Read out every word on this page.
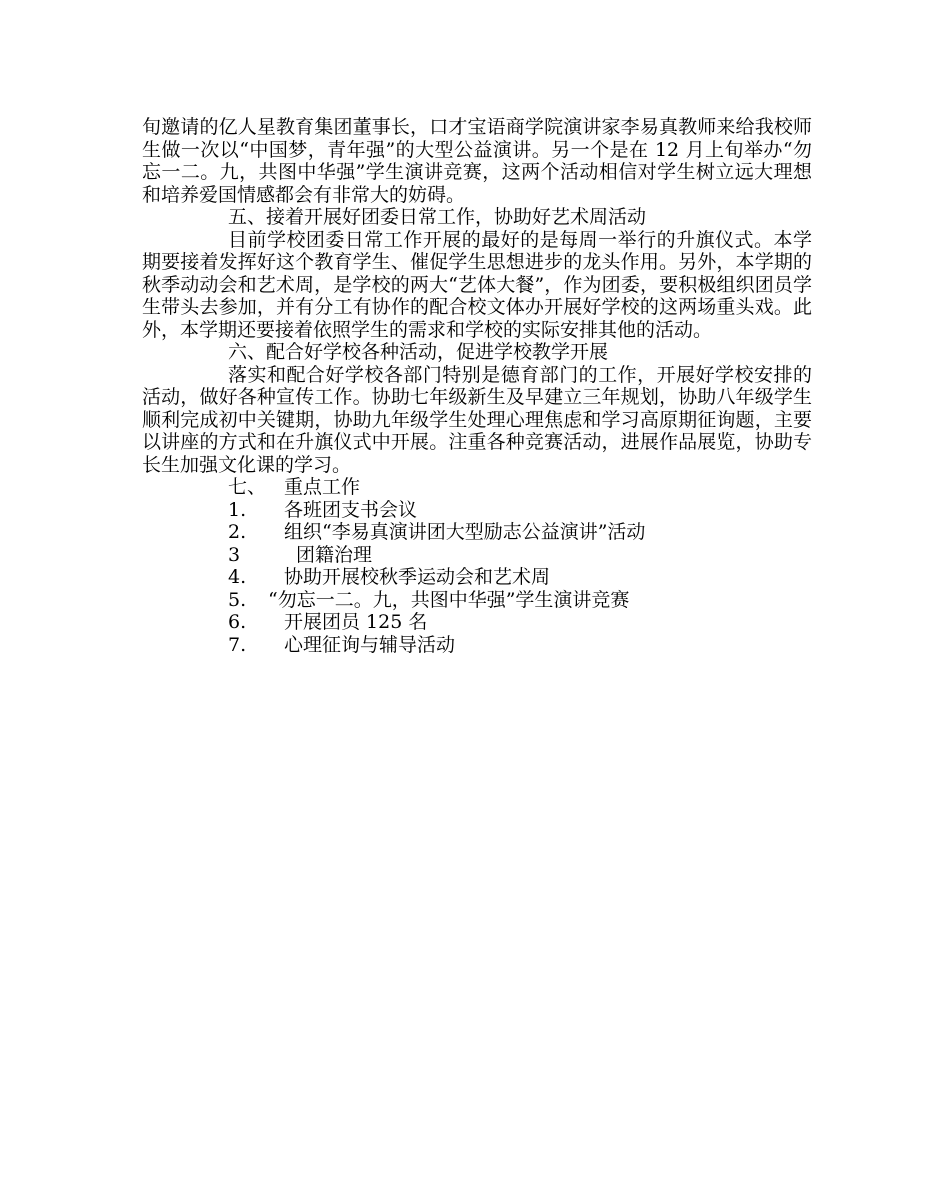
旬邀请的亿人星教育集团董事长，口才宝语商学院演讲家李易真教师来给我校师生做一次以“中国梦，青年强”的大型公益演讲。另一个是在 12 月上旬举办“勿忘一二。九，共图中华强”学生演讲竞赛，这两个活动相信对学生树立远大理想和培养爱国情感都会有非常大的妨碍。

五、接着开展好团委日常工作，协助好艺术周活动

目前学校团委日常工作开展的最好的是每周一举行的升旗仪式。本学期要接着发挥好这个教育学生、催促学生思想进步的龙头作用。另外，本学期的秋季动动会和艺术周，是学校的两大“艺体大餐”，作为团委，要积极组织团员学生带头去参加，并有分工有协作的配合校文体办开展好学校的这两场重头戏。此外，本学期还要接着依照学生的需求和学校的实际安排其他的活动。

六、配合好学校各种活动，促进学校教学开展

落实和配合好学校各部门特别是德育部门的工作，开展好学校安排的活动，做好各种宣传工作。协助七年级新生及早建立三年规划，协助八年级学生顺利完成初中关键期，协助九年级学生处理心理焦虑和学习高原期征询题，主要以讲座的方式和在升旗仪式中开展。注重各种竞赛活动，进展作品展览，协助专长生加强文化课的学习。

七、 重点工作
1.	各班团支书会议
2.	组织“李易真演讲团大型励志公益演讲”活动
3	团籍治理
4.	协助开展校秋季运动会和艺术周
5.	“勿忘一二。九，共图中华强”学生演讲竞赛
6.	开展团员 125 名
7.	心理征询与辅导活动
